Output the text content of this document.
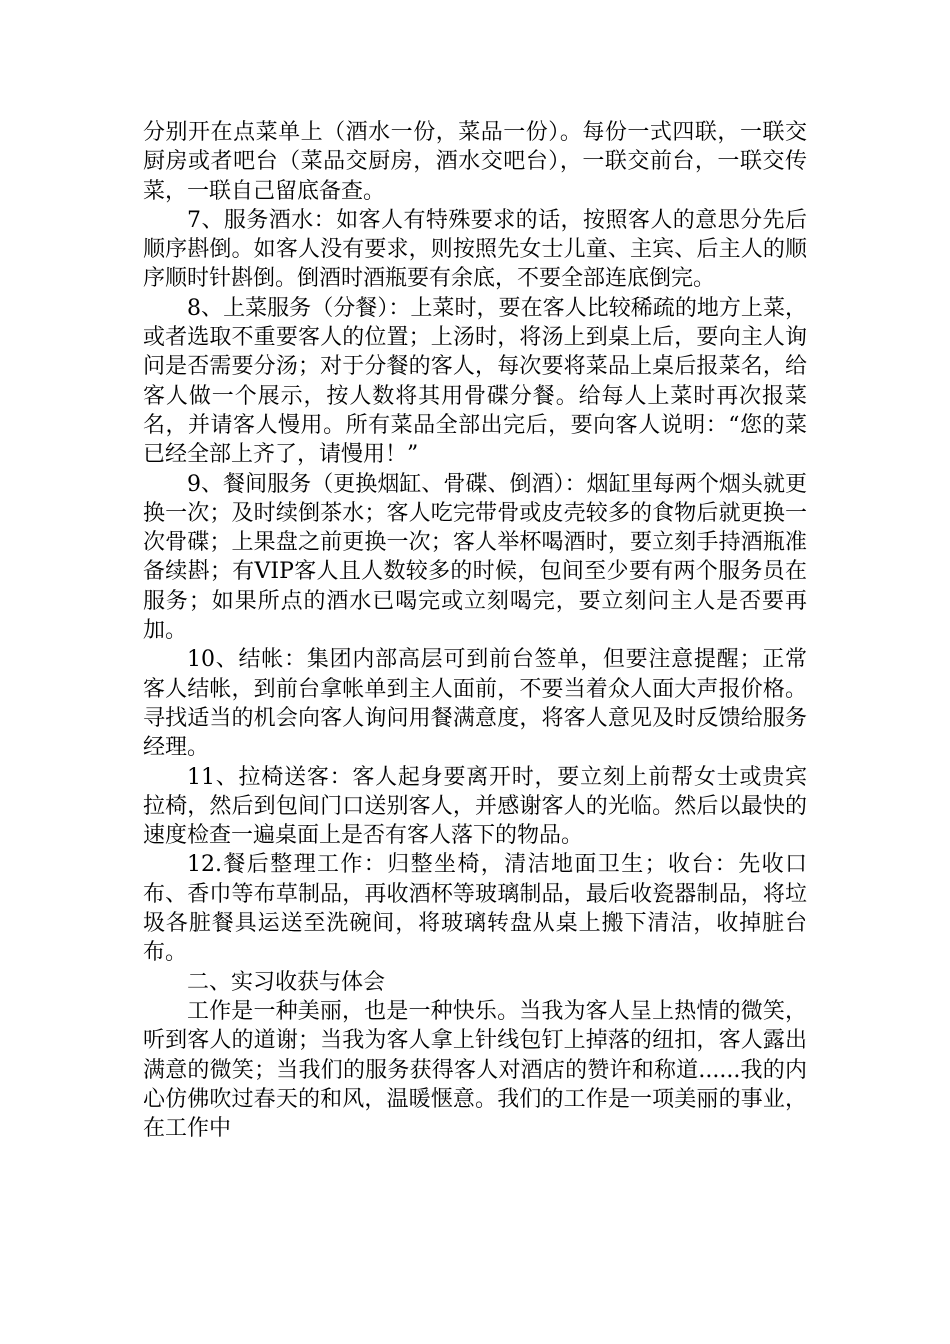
分别开在点菜单上（酒水一份，菜品一份）。每份一式四联，一联交厨房或者吧台（菜品交厨房，酒水交吧台），一联交前台，一联交传菜，一联自己留底备查。

7、服务酒水：如客人有特殊要求的话，按照客人的意思分先后顺序斟倒。如客人没有要求，则按照先女士儿童、主宾、后主人的顺序顺时针斟倒。倒酒时酒瓶要有余底，不要全部连底倒完。

8、上菜服务（分餐）：上菜时，要在客人比较稀疏的地方上菜，或者选取不重要客人的位置；上汤时，将汤上到桌上后，要向主人询问是否需要分汤；对于分餐的客人，每次要将菜品上桌后报菜名，给客人做一个展示，按人数将其用骨碟分餐。给每人上菜时再次报菜名，并请客人慢用。所有菜品全部出完后，要向客人说明：“您的菜已经全部上齐了，请慢用！”

9、餐间服务（更换烟缸、骨碟、倒酒）：烟缸里每两个烟头就更换一次；及时续倒茶水；客人吃完带骨或皮壳较多的食物后就更换一次骨碟；上果盘之前更换一次；客人举杯喝酒时，要立刻手持酒瓶准备续斟；有VIP客人且人数较多的时候，包间至少要有两个服务员在服务；如果所点的酒水已喝完或立刻喝完，要立刻问主人是否要再加。

10、结帐：集团内部高层可到前台签单，但要注意提醒；正常客人结帐，到前台拿帐单到主人面前，不要当着众人面大声报价格。寻找适当的机会向客人询问用餐满意度，将客人意见及时反馈给服务经理。

11、拉椅送客：客人起身要离开时，要立刻上前帮女士或贵宾拉椅，然后到包间门口送别客人，并感谢客人的光临。然后以最快的速度检查一遍桌面上是否有客人落下的物品。

12.餐后整理工作：归整坐椅，清洁地面卫生；收台：先收口布、香巾等布草制品，再收酒杯等玻璃制品，最后收瓷器制品，将垃圾各脏餐具运送至洗碗间，将玻璃转盘从桌上搬下清洁，收掉脏台布。

二、实习收获与体会

工作是一种美丽，也是一种快乐。当我为客人呈上热情的微笑，听到客人的道谢；当我为客人拿上针线包钉上掉落的纽扣，客人露出满意的微笑；当我们的服务获得客人对酒店的赞许和称道......我的内心仿佛吹过春天的和风，温暖惬意。我们的工作是一项美丽的事业，在工作中
